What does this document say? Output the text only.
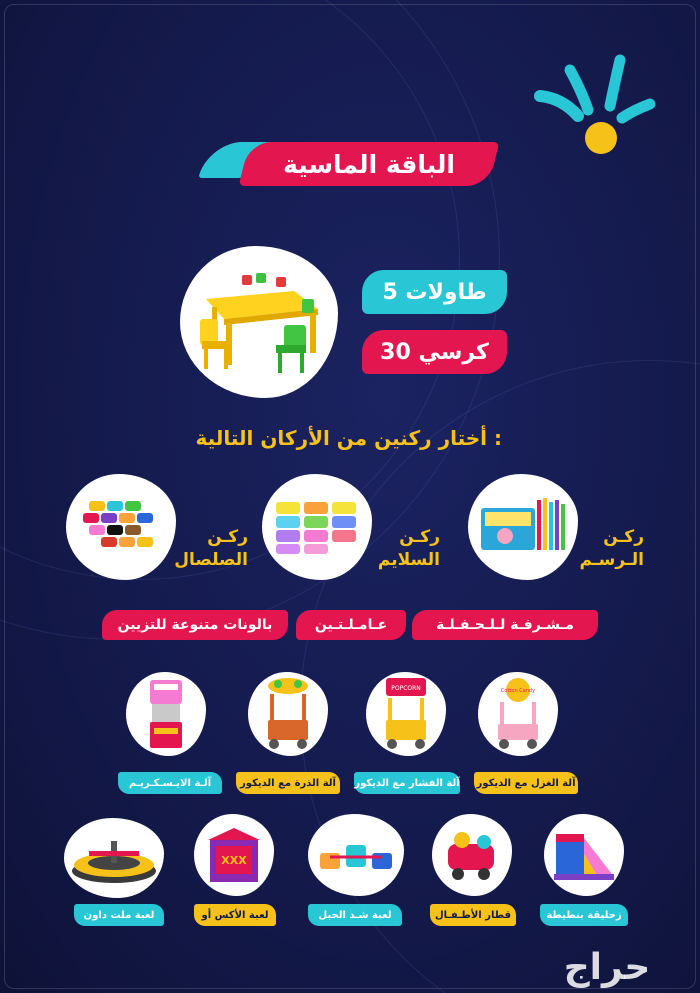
الباقة الماسية
5 طاولات
30 كرسي
أختار ركنين من الأركان التالية :
ركـن
الـرسـم
ركـن
السلايم
ركـن
الصلصال
مـشـرفـة لـلـحـفـلـة
عـامـلـتـين
بالونات متنوعة للتزيين
Cotton Candy
POPCORN
آلة الغزل مع الديكور
آلة الفشار مع الديكور
آلة الذرة مع الديكور
آلـة الايـسـكـريـم
XXX
زحليقة بنطيطة
قطار الأطـفـال
لعبة شـد الحبل
لعبة الأكس أو
لعبة ملت داون
حراج
